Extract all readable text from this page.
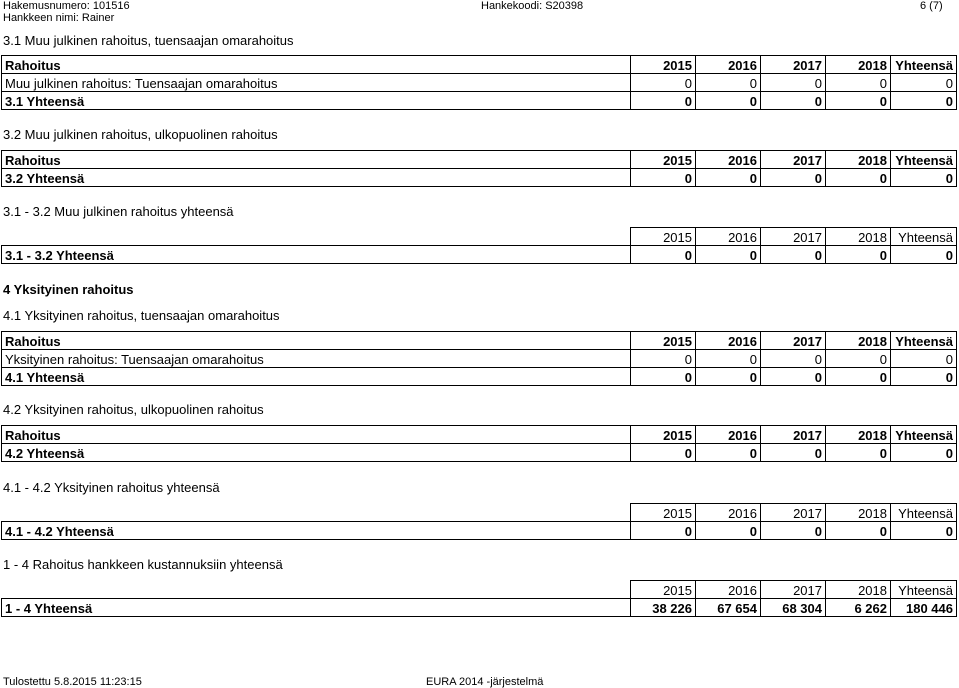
Hakemusnumero: 101516
Hankkeen nimi: Rainer
Hankekoodi: S20398	6 (7)
3.1 Muu julkinen rahoitus, tuensaajan omarahoitus
Rahoitus	2015	2016	2017	2018	Yhteensä
Muu julkinen rahoitus: Tuensaajan omarahoitus	0	0	0	0	0
3.1 Yhteensä	0	0	0	0	0
3.2 Muu julkinen rahoitus, ulkopuolinen rahoitus
Rahoitus	2015	2016	2017	2018	Yhteensä
3.2 Yhteensä	0	0	0	0	0
3.1 - 3.2 Muu julkinen rahoitus yhteensä
	2015	2016	2017	2018	Yhteensä
3.1 - 3.2 Yhteensä	0	0	0	0	0
4 Yksityinen rahoitus
4.1 Yksityinen rahoitus, tuensaajan omarahoitus
Rahoitus	2015	2016	2017	2018	Yhteensä
Yksityinen rahoitus: Tuensaajan omarahoitus	0	0	0	0	0
4.1 Yhteensä	0	0	0	0	0
4.2 Yksityinen rahoitus, ulkopuolinen rahoitus
Rahoitus	2015	2016	2017	2018	Yhteensä
4.2 Yhteensä	0	0	0	0	0
4.1 - 4.2 Yksityinen rahoitus yhteensä
	2015	2016	2017	2018	Yhteensä
4.1 - 4.2 Yhteensä	0	0	0	0	0
1 - 4 Rahoitus hankkeen kustannuksiin yhteensä
	2015	2016	2017	2018	Yhteensä
1 - 4 Yhteensä	38 226	67 654	68 304	6 262	180 446
Tulostettu 5.8.2015 11:23:15	EURA 2014 -järjestelmä
